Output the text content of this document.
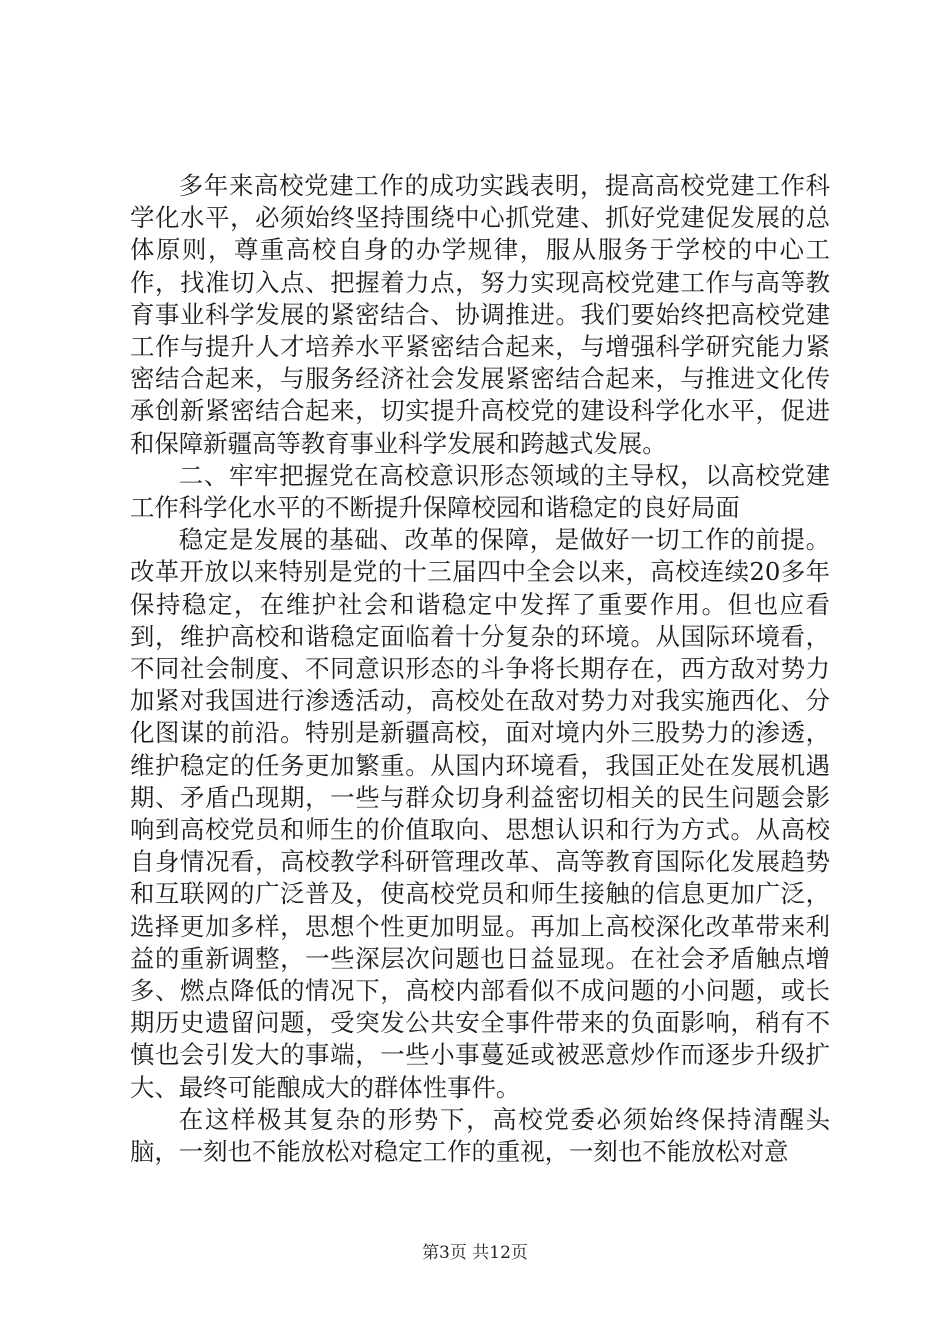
多年来高校党建工作的成功实践表明，提高高校党建工作科学化水平，必须始终坚持围绕中心抓党建、抓好党建促发展的总体原则，尊重高校自身的办学规律，服从服务于学校的中心工作，找准切入点、把握着力点，努力实现高校党建工作与高等教育事业科学发展的紧密结合、协调推进。我们要始终把高校党建工作与提升人才培养水平紧密结合起来，与增强科学研究能力紧密结合起来，与服务经济社会发展紧密结合起来，与推进文化传承创新紧密结合起来，切实提升高校党的建设科学化水平，促进和保障新疆高等教育事业科学发展和跨越式发展。

二、牢牢把握党在高校意识形态领域的主导权，以高校党建工作科学化水平的不断提升保障校园和谐稳定的良好局面

稳定是发展的基础、改革的保障，是做好一切工作的前提。改革开放以来特别是党的十三届四中全会以来，高校连续20多年保持稳定，在维护社会和谐稳定中发挥了重要作用。但也应看到，维护高校和谐稳定面临着十分复杂的环境。从国际环境看，不同社会制度、不同意识形态的斗争将长期存在，西方敌对势力加紧对我国进行渗透活动，高校处在敌对势力对我实施西化、分化图谋的前沿。特别是新疆高校，面对境内外三股势力的渗透，维护稳定的任务更加繁重。从国内环境看，我国正处在发展机遇期、矛盾凸现期，一些与群众切身利益密切相关的民生问题会影响到高校党员和师生的价值取向、思想认识和行为方式。从高校自身情况看，高校教学科研管理改革、高等教育国际化发展趋势和互联网的广泛普及，使高校党员和师生接触的信息更加广泛，选择更加多样，思想个性更加明显。再加上高校深化改革带来利益的重新调整，一些深层次问题也日益显现。在社会矛盾触点增多、燃点降低的情况下，高校内部看似不成问题的小问题，或长期历史遗留问题，受突发公共安全事件带来的负面影响，稍有不慎也会引发大的事端，一些小事蔓延或被恶意炒作而逐步升级扩大、最终可能酿成大的群体性事件。

在这样极其复杂的形势下，高校党委必须始终保持清醒头脑，一刻也不能放松对稳定工作的重视，一刻也不能放松对意

第3页 共12页
